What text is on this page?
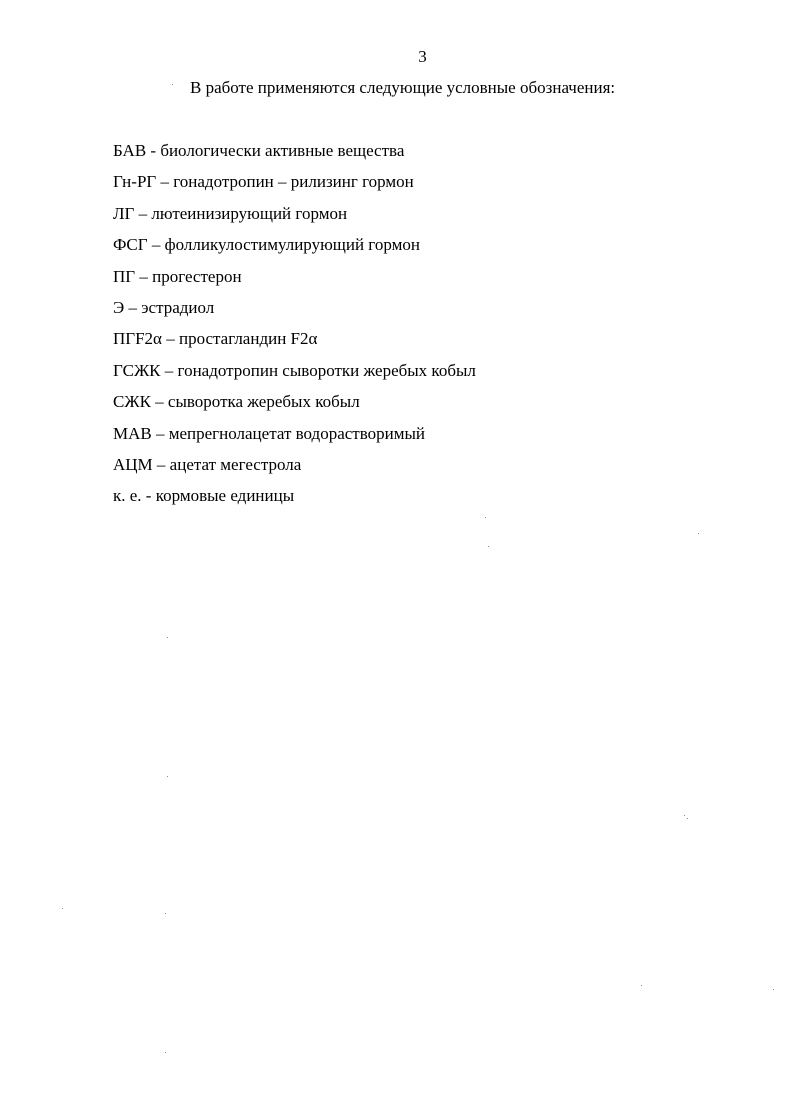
3
В работе применяются следующие условные обозначения:
БАВ - биологически активные вещества
Гн-РГ – гонадотропин – рилизинг гормон
ЛГ – лютеинизирующий гормон
ФСГ – фолликулостимулирующий гормон
ПГ – прогестерон
Э – эстрадиол
ПГF2α – простагландин F2α
ГСЖК – гонадотропин сыворотки жеребых кобыл
СЖК – сыворотка жеребых кобыл
МАВ – мепрегнолацетат водорастворимый
АЦМ – ацетат мегестрола
к. е. - кормовые единицы
